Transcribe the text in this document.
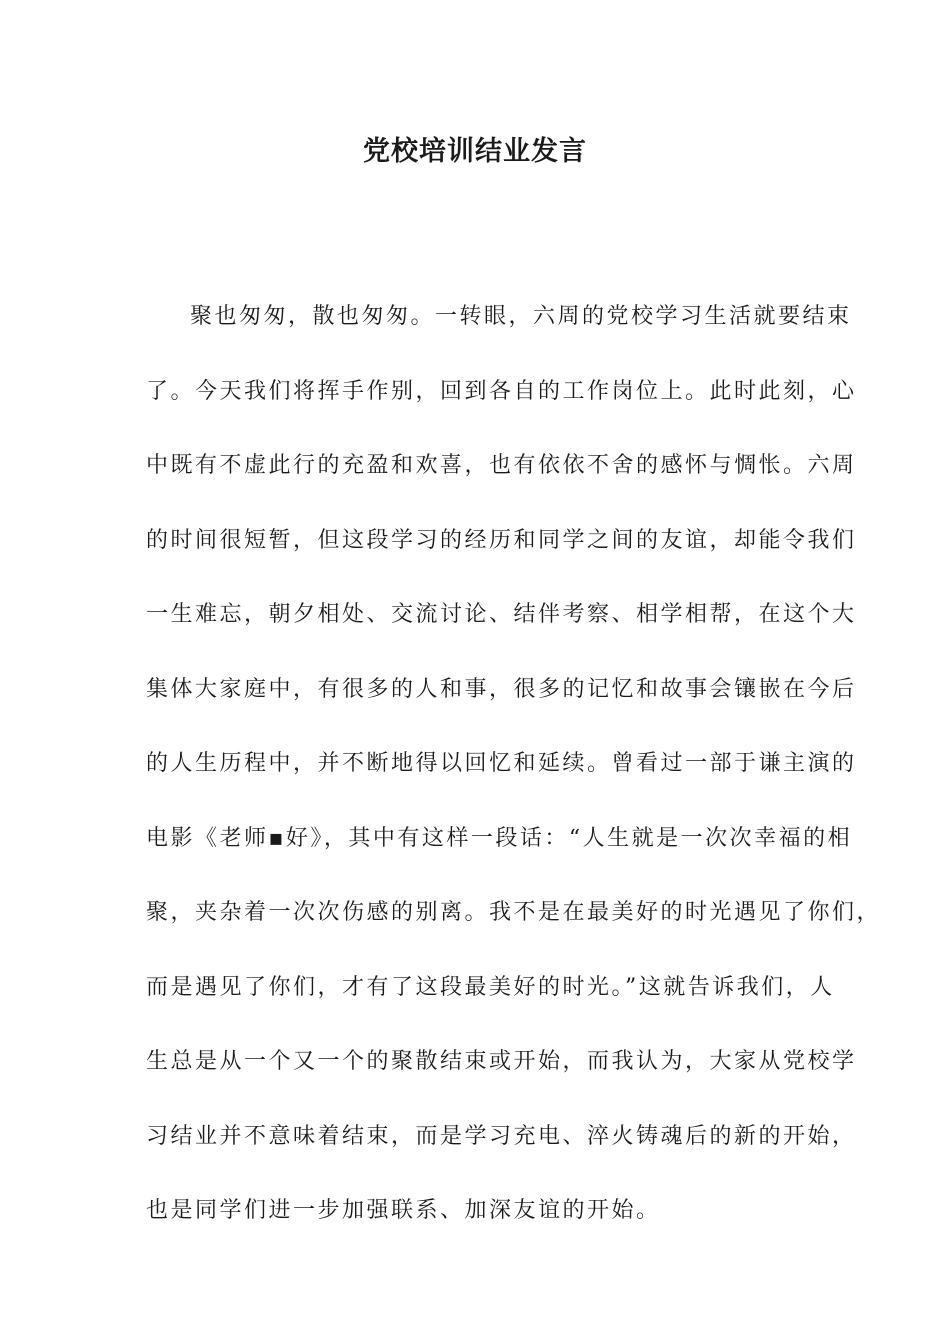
党校培训结业发言
聚也匆匆，散也匆匆。一转眼，六周的党校学习生活就要结束
了。今天我们将挥手作别，回到各自的工作岗位上。此时此刻，心
中既有不虚此行的充盈和欢喜，也有依依不舍的感怀与惆怅。六周
的时间很短暂，但这段学习的经历和同学之间的友谊，却能令我们
一生难忘，朝夕相处、交流讨论、结伴考察、相学相帮，在这个大
集体大家庭中，有很多的人和事，很多的记忆和故事会镶嵌在今后
的人生历程中，并不断地得以回忆和延续。曾看过一部于谦主演的
电影《老师▪好》，其中有这样一段话：“人生就是一次次幸福的相
聚，夹杂着一次次伤感的别离。我不是在最美好的时光遇见了你们，
而是遇见了你们，才有了这段最美好的时光。”这就告诉我们，人
生总是从一个又一个的聚散结束或开始，而我认为，大家从党校学
习结业并不意味着结束，而是学习充电、淬火铸魂后的新的开始，
也是同学们进一步加强联系、加深友谊的开始。
